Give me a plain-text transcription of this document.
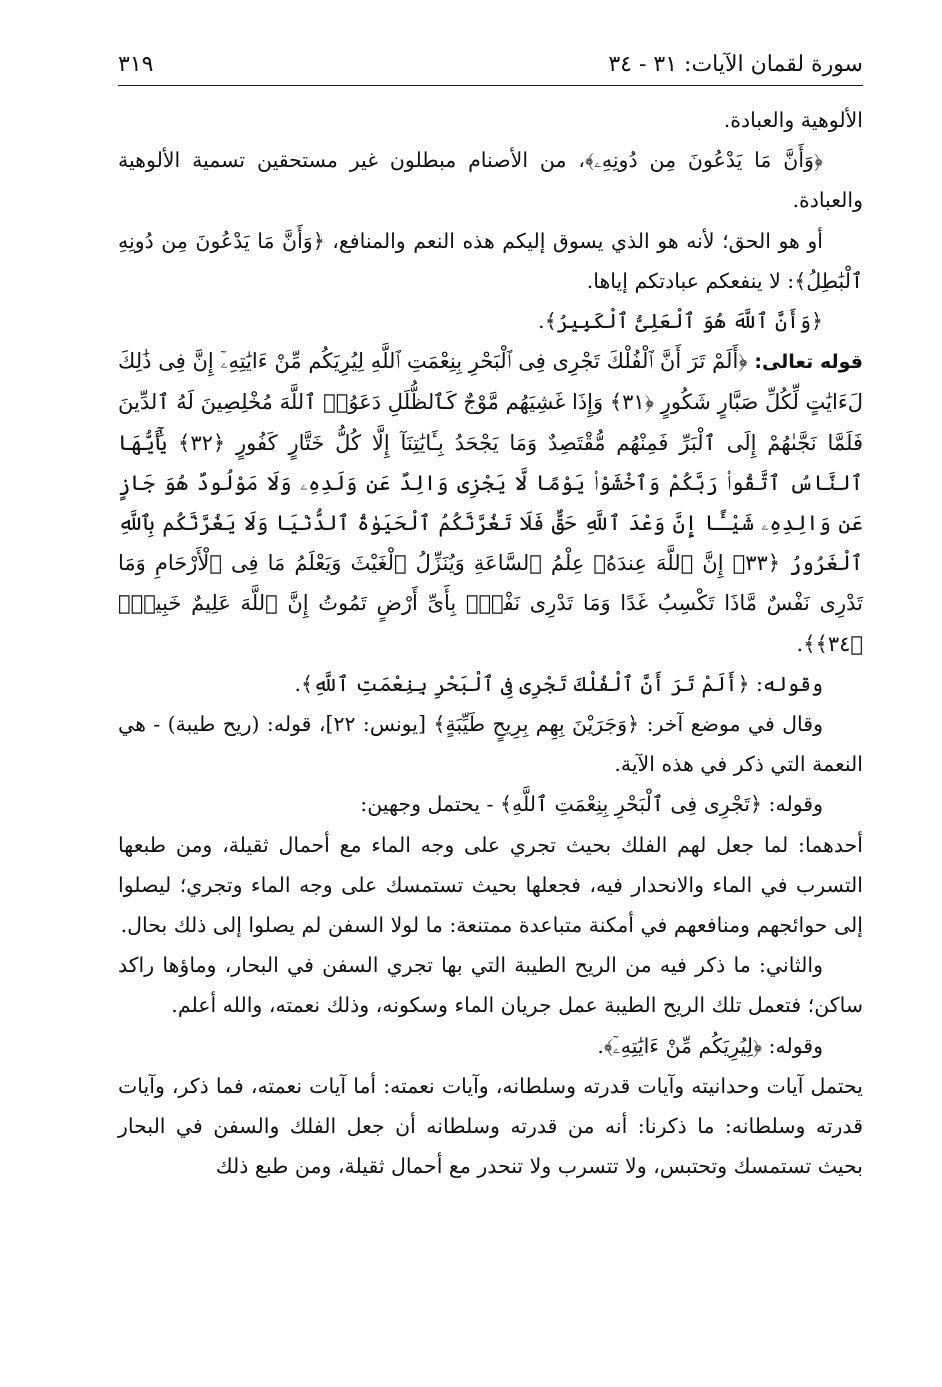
سورة لقمان الآيات: ٣١ - ٣٤
٣١٩

الألوهية والعبادة.

﴿وَأَنَّ مَا يَدْعُونَ مِن دُونِهِۦ﴾، من الأصنام مبطلون غير مستحقين تسمية الألوهية والعبادة.

أو هو الحق؛ لأنه هو الذي يسوق إليكم هذه النعم والمنافع، ﴿وَأَنَّ مَا يَدْعُونَ مِن دُونِهِ ٱلْبَٰطِلُ﴾: لا ينفعكم عبادتكم إياها.

﴿وَأَنَّ ٱللَّهَ هُوَ ٱلْعَلِىُّ ٱلْكَبِيرُ﴾.

قوله تعالى: ﴿أَلَمْ تَرَ أَنَّ ٱلْفُلْكَ تَجْرِى فِى ٱلْبَحْرِ بِنِعْمَتِ ٱللَّهِ لِيُرِيَكُم مِّنْ ءَايَٰتِهِۦٓ إِنَّ فِى ذَٰلِكَ لَءَايَٰتٍ لِّكُلِّ صَبَّارٍ شَكُورٍ ﴿٣١﴾ وَإِذَا غَشِيَهُم مَّوْجٌ كَٱلظُّلَلِ دَعَوُا۟ ٱللَّهَ مُخْلِصِينَ لَهُ ٱلدِّينَ فَلَمَّا نَجَّىٰهُمْ إِلَى ٱلْبَرِّ فَمِنْهُم مُّقْتَصِدٌ وَمَا يَجْحَدُ بِـَٔايَٰتِنَآ إِلَّا كُلُّ خَتَّارٍ كَفُورٍ ﴿٣٢﴾ يَٰٓأَيُّهَا ٱلنَّاسُ ٱتَّقُوا۟ رَبَّكُمْ وَٱخْشَوْا۟ يَوْمًا لَّا يَجْزِى وَالِدٌ عَن وَلَدِهِۦ وَلَا مَوْلُودٌ هُوَ جَازٍ عَن وَالِدِهِۦ شَيْـًٔا إِنَّ وَعْدَ ٱللَّهِ حَقٌّ فَلَا تَغُرَّنَّكُمُ ٱلْحَيَوٰةُ ٱلدُّنْيَا وَلَا يَغُرَّنَّكُم بِٱللَّهِ ٱلْغَرُورُ ﴿٣٣﴾ إِنَّ ٱللَّهَ عِندَهُۥ عِلْمُ ٱلسَّاعَةِ وَيُنَزِّلُ ٱلْغَيْثَ وَيَعْلَمُ مَا فِى ٱلْأَرْحَامِ وَمَا تَدْرِى نَفْسٌ مَّاذَا تَكْسِبُ غَدًا وَمَا تَدْرِى نَفْسٌۢ بِأَىِّ أَرْضٍ تَمُوتُ إِنَّ ٱللَّهَ عَلِيمٌ خَبِيرٌۢ ﴿٣٤﴾﴾.

وقوله: ﴿أَلَمْ تَرَ أَنَّ ٱلْفُلْكَ تَجْرِى فِى ٱلْبَحْرِ بِنِعْمَتِ ٱللَّهِ﴾.

وقال في موضع آخر: ﴿وَجَرَيْنَ بِهِم بِرِيحٍ طَيِّبَةٍ﴾ [يونس: ٢٢]، قوله: (ريح طيبة) - هي النعمة التي ذكر في هذه الآية.

وقوله: ﴿تَجْرِى فِى ٱلْبَحْرِ بِنِعْمَتِ ٱللَّهِ﴾ - يحتمل وجهين:

أحدهما: لما جعل لهم الفلك بحيث تجري على وجه الماء مع أحمال ثقيلة، ومن طبعها التسرب في الماء والانحدار فيه، فجعلها بحيث تستمسك على وجه الماء وتجري؛ ليصلوا إلى حوائجهم ومنافعهم في أمكنة متباعدة ممتنعة: ما لولا السفن لم يصلوا إلى ذلك بحال.

والثاني: ما ذكر فيه من الريح الطيبة التي بها تجري السفن في البحار، وماؤها راكد ساكن؛ فتعمل تلك الريح الطيبة عمل جريان الماء وسكونه، وذلك نعمته، والله أعلم.

وقوله: ﴿لِيُرِيَكُم مِّنْ ءَايَٰتِهِۦٓ﴾.

يحتمل آيات وحدانيته وآيات قدرته وسلطانه، وآيات نعمته: أما آيات نعمته، فما ذكر، وآيات قدرته وسلطانه: ما ذكرنا: أنه من قدرته وسلطانه أن جعل الفلك والسفن في البحار بحيث تستمسك وتحتبس، ولا تتسرب ولا تنحدر مع أحمال ثقيلة، ومن طبع ذلك
